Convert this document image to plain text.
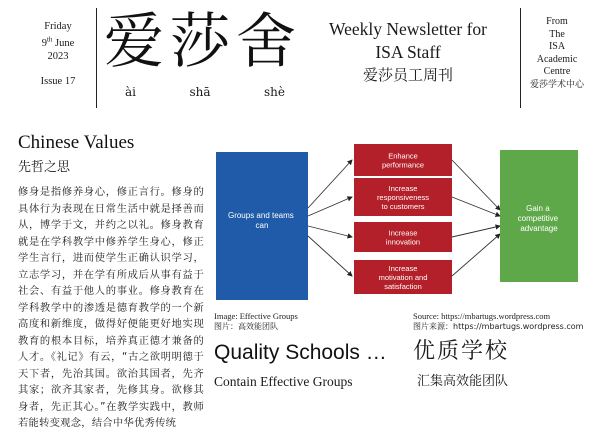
Friday
9th June
2023
Issue 17
爱莎舍
ài	shā	shè
Weekly Newsletter for
ISA Staff
爱莎员工周刊
From
The
ISA
Academic
Centre
爱莎学术中心
Chinese Values
先哲之思
修身是指修养身心，修正言行。修身的具体行为表现在日常生活中就是择善而从，博学于文，并约之以礼。修身教育就是在学科教学中修养学生身心，修正学生言行，进而使学生正确认识学习，立志学习，并在学有所成后从事有益于社会、有益于他人的事业。修身教育在学科教学中的渗透是德育教学的一个新高度和新维度，做得好便能更好地实现教育的根本目标，培养真正德才兼备的人才。《礼记》有云，“古之欲明明德于天下者，先治其国。欲治其国者，先齐其家；欲齐其家者，先修其身。欲修其身者，先正其心。”在教学实践中，教师若能转变观念，结合中华优秀传统
Groups and teams can
Enhance performance
Increase responsiveness to customers
Increase innovation
Increase motivation and satisfaction
Gain a competitive advantage
Image: Effective Groups
图片：高效能团队
Source: https://mbartugs.wordpress.com
图片来源：https://mbartugs.wordpress.com
Quality Schools …	优质学校
Contain Effective Groups	汇集高效能团队
